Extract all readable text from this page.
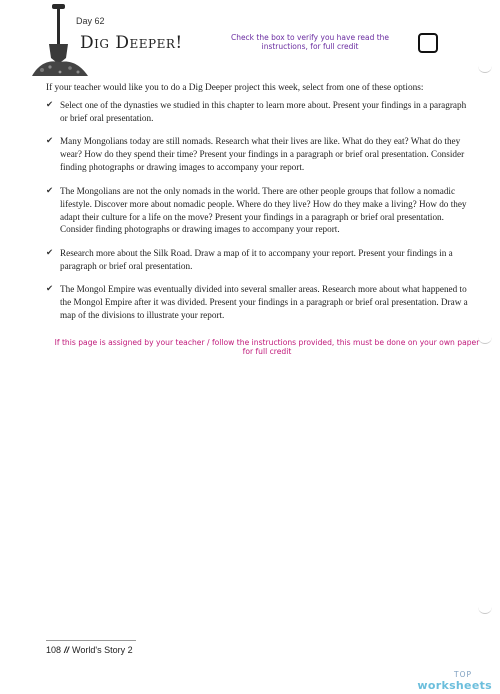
Day 62
Dig Deeper!	Check the box to verify you have read the instructions, for full credit
If your teacher would like you to do a Dig Deeper project this week, select from one of these options:
✔ Select one of the dynasties we studied in this chapter to learn more about. Present your findings in a paragraph or brief oral presentation.
✔ Many Mongolians today are still nomads. Research what their lives are like. What do they eat? What do they wear? How do they spend their time? Present your findings in a paragraph or brief oral presentation. Consider finding photographs or drawing images to accompany your report.
✔ The Mongolians are not the only nomads in the world. There are other people groups that follow a nomadic lifestyle. Discover more about nomadic people. Where do they live? How do they make a living? How do they adapt their culture for a life on the move? Present your findings in a paragraph or brief oral presentation. Consider finding photographs or drawing images to accompany your report.
✔ Research more about the Silk Road. Draw a map of it to accompany your report. Present your findings in a paragraph or brief oral presentation.
✔ The Mongol Empire was eventually divided into several smaller areas. Research more about what happened to the Mongol Empire after it was divided. Present your findings in a paragraph or brief oral presentation. Draw a map of the divisions to illustrate your report.
If this page is assigned by your teacher / follow the instructions provided, this must be done on your own paper for full credit
108 // World's Story 2
TOP
worksheets
